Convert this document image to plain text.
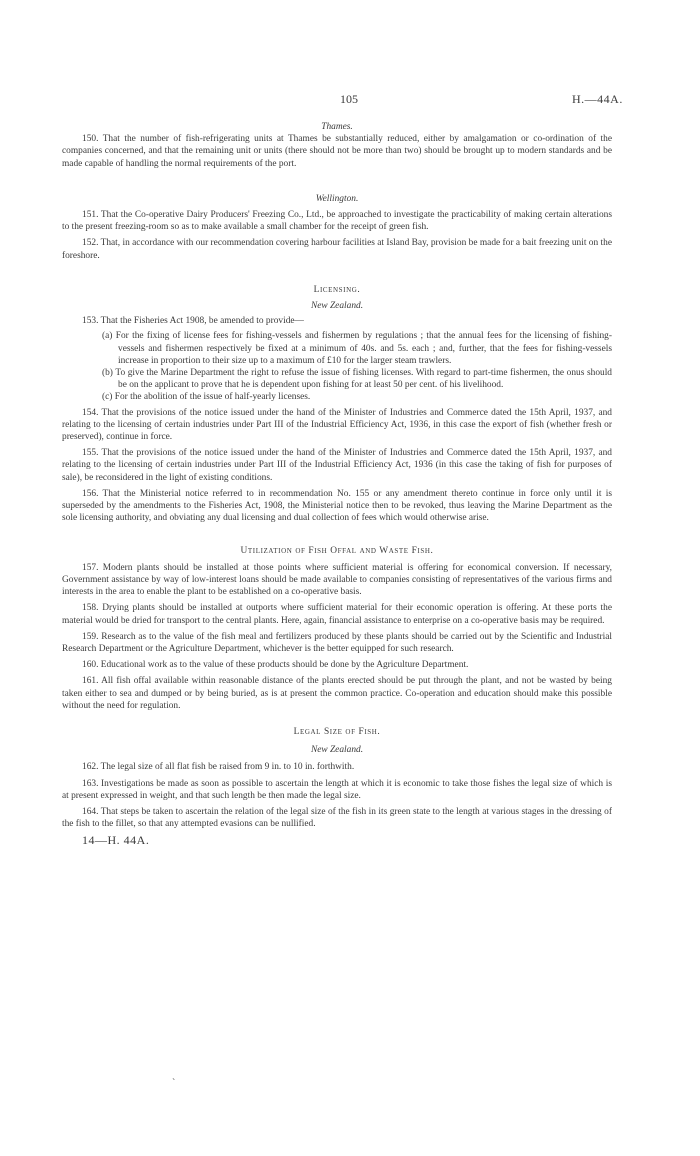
105	H.—44A.
Thames.

150. That the number of fish-refrigerating units at Thames be substantially reduced, either by amalgamation or co-ordination of the companies concerned, and that the remaining unit or units (there should not be more than two) should be brought up to modern standards and be made capable of handling the normal requirements of the port.

Wellington.

151. That the Co-operative Dairy Producers' Freezing Co., Ltd., be approached to investigate the practicability of making certain alterations to the present freezing-room so as to make available a small chamber for the receipt of green fish.

152. That, in accordance with our recommendation covering harbour facilities at Island Bay, provision be made for a bait freezing unit on the foreshore.

Licensing.
New Zealand.

153. That the Fisheries Act 1908, be amended to provide—

(a) For the fixing of license fees for fishing-vessels and fishermen by regulations ; that the annual fees for the licensing of fishing-vessels and fishermen respectively be fixed at a minimum of 40s. and 5s. each ; and, further, that the fees for fishing-vessels increase in proportion to their size up to a maximum of £10 for the larger steam trawlers.
(b) To give the Marine Department the right to refuse the issue of fishing licenses. With regard to part-time fishermen, the onus should be on the applicant to prove that he is dependent upon fishing for at least 50 per cent. of his livelihood.
(c) For the abolition of the issue of half-yearly licenses.

154. That the provisions of the notice issued under the hand of the Minister of Industries and Commerce dated the 15th April, 1937, and relating to the licensing of certain industries under Part III of the Industrial Efficiency Act, 1936, in this case the export of fish (whether fresh or preserved), continue in force.

155. That the provisions of the notice issued under the hand of the Minister of Industries and Commerce dated the 15th April, 1937, and relating to the licensing of certain industries under Part III of the Industrial Efficiency Act, 1936 (in this case the taking of fish for purposes of sale), be reconsidered in the light of existing conditions.

156. That the Ministerial notice referred to in recommendation No. 155 or any amendment thereto continue in force only until it is superseded by the amendments to the Fisheries Act, 1908, the Ministerial notice then to be revoked, thus leaving the Marine Department as the sole licensing authority, and obviating any dual licensing and dual collection of fees which would otherwise arise.

Utilization of Fish Offal and Waste Fish.

157. Modern plants should be installed at those points where sufficient material is offering for economical conversion. If necessary, Government assistance by way of low-interest loans should be made available to companies consisting of representatives of the various firms and interests in the area to enable the plant to be established on a co-operative basis.

158. Drying plants should be installed at outports where sufficient material for their economic operation is offering. At these ports the material would be dried for transport to the central plants. Here, again, financial assistance to enterprise on a co-operative basis may be required.

159. Research as to the value of the fish meal and fertilizers produced by these plants should be carried out by the Scientific and Industrial Research Department or the Agriculture Department, whichever is the better equipped for such research.

160. Educational work as to the value of these products should be done by the Agriculture Department.

161. All fish offal available within reasonable distance of the plants erected should be put through the plant, and not be wasted by being taken either to sea and dumped or by being buried, as is at present the common practice. Co-operation and education should make this possible without the need for regulation.

Legal Size of Fish.
New Zealand.

162. The legal size of all flat fish be raised from 9 in. to 10 in. forthwith.

163. Investigations be made as soon as possible to ascertain the length at which it is economic to take those fishes the legal size of which is at present expressed in weight, and that such length be then made the legal size.

164. That steps be taken to ascertain the relation of the legal size of the fish in its green state to the length at various stages in the dressing of the fish to the fillet, so that any attempted evasions can be nullified.

14—H. 44A.
ˋ
